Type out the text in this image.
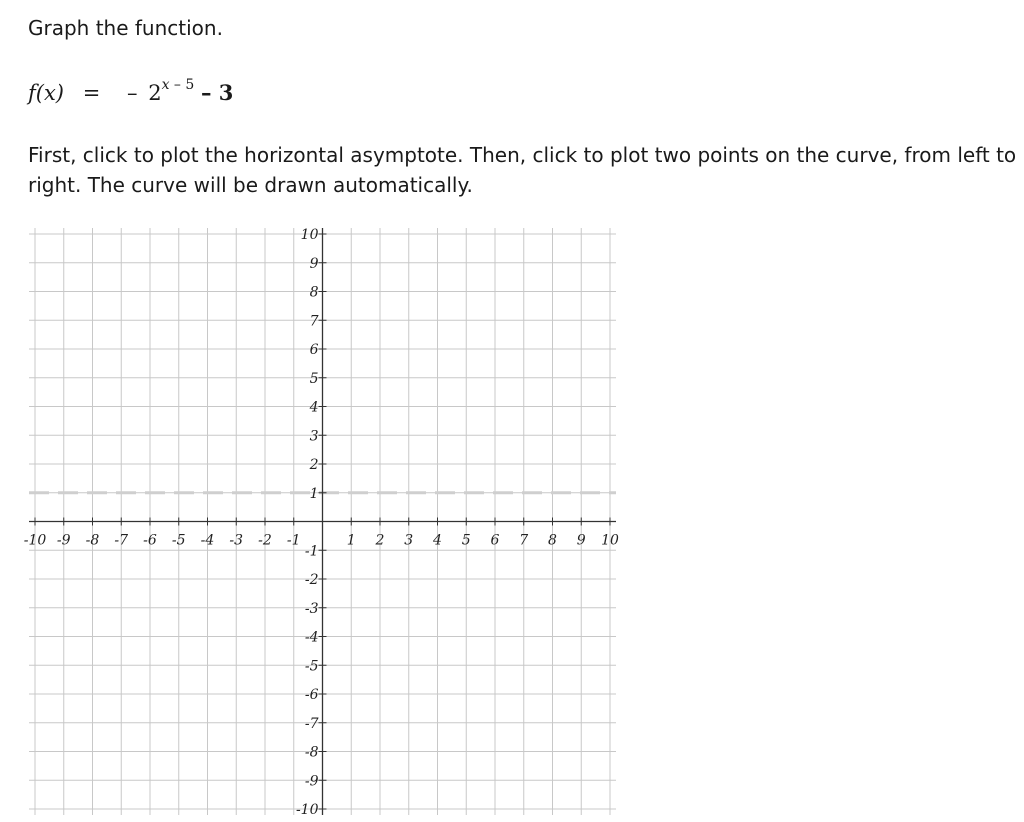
Graph the function.
f(x) = – 2$^{x - 5}$ – 3
First, click to plot the horizontal asymptote. Then, click to plot two points on the curve, from left to right. The curve will be drawn automatically.
-10 -9 -8 -7 -6 -5 -4 -3 -2 -1	1 2 3 4 5 6 7 8 9 10
10
9
8
7
6
5
4
3
2
1
-1
-2
-3
-4
-5
-6
-7
-8
-9
-10
